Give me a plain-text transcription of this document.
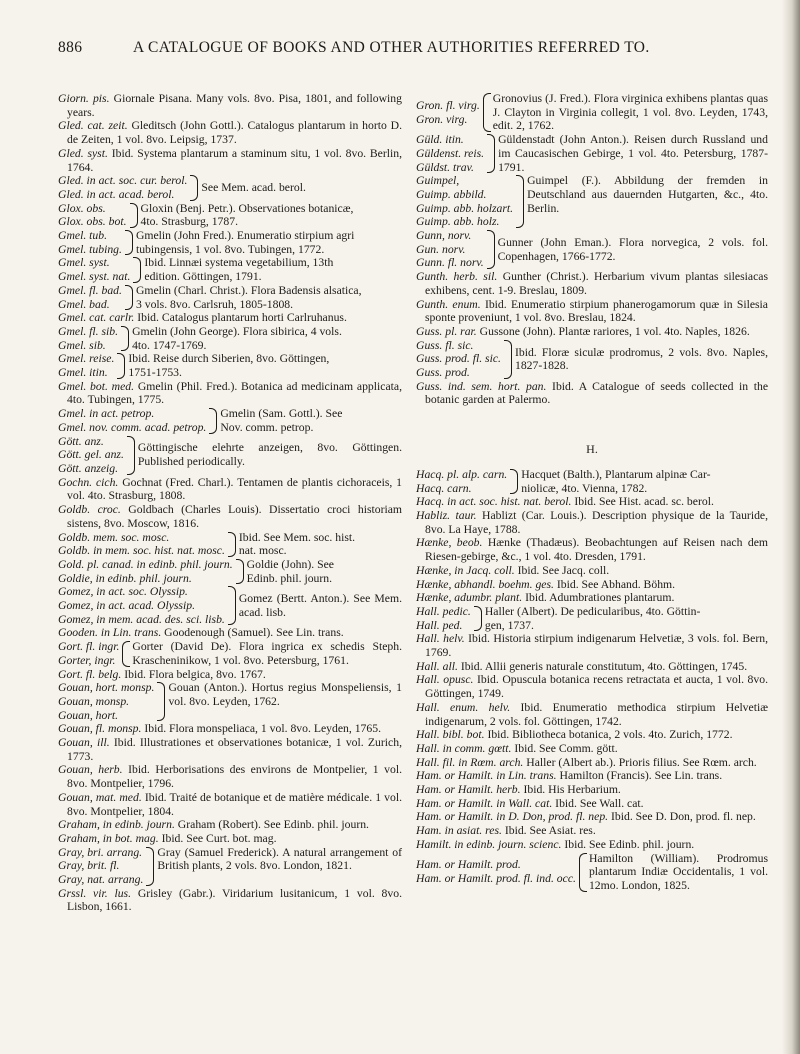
886	A CATALOGUE OF BOOKS AND OTHER AUTHORITIES REFERRED TO.

Giorn. pis. Giornale Pisana. Many vols. 8vo. Pisa, 1801, and following years.

Gled. cat. zeit. Gleditsch (John Gottl.). Catalogus plantarum in horto D. de Zeiten, 1 vol. 8vo. Leipsig, 1737.

Gled. syst. Ibid. Systema plantarum a staminum situ, 1 vol. 8vo. Berlin, 1764.

Gled. in act. soc. cur. berol.
Gled. in act. acad. berol.
See Mem. acad. berol.
Glox. obs.
Glox. obs. bot.
Gloxin (Benj. Petr.). Observationes botanicæ,
4to. Strasburg, 1787.
Gmel. tub.
Gmel. tubing.
Gmelin (John Fred.). Enumeratio stirpium agri
tubingensis, 1 vol. 8vo. Tubingen, 1772.
Gmel. syst.
Gmel. syst. nat.
Ibid. Linnæi systema vegetabilium, 13th
edition. Göttingen, 1791.
Gmel. fl. bad.
Gmel. bad.
Gmelin (Charl. Christ.). Flora Badensis alsatica,
3 vols. 8vo. Carlsruh, 1805-1808.

Gmel. cat. carlr. Ibid. Catalogus plantarum horti Carlruhanus.

Gmel. fl. sib.
Gmel. sib.
Gmelin (John George). Flora sibirica, 4 vols.
4to. 1747-1769.
Gmel. reise.
Gmel. itin.
Ibid. Reise durch Siberien, 8vo. Göttingen,
1751-1753.

Gmel. bot. med. Gmelin (Phil. Fred.). Botanica ad medicinam applicata, 4to. Tubingen, 1775.

Gmel. in act. petrop.
Gmel. nov. comm. acad. petrop.
Gmelin (Sam. Gottl.). See
Nov. comm. petrop.
Gött. anz.
Gött. gel. anz.
Gött. anzeig.
Göttingische elehrte anzeigen, 8vo. Göttingen. Published periodically.

Gochn. cich. Gochnat (Fred. Charl.). Tentamen de plantis cichoraceis, 1 vol. 4to. Strasburg, 1808.

Goldb. croc. Goldbach (Charles Louis). Dissertatio croci historiam sistens, 8vo. Moscow, 1816.

Goldb. mem. soc. mosc.
Goldb. in mem. soc. hist. nat. mosc.
Ibid. See Mem. soc. hist.
nat. mosc.
Gold. pl. canad. in edinb. phil. journ.
Goldie, in edinb. phil. journ.
Goldie (John). See
Edinb. phil. journ.
Gomez, in act. soc. Olyssip.
Gomez, in act. acad. Olyssip.
Gomez, in mem. acad. des. sci. lisb.
Gomez (Bertt. Anton.). See Mem. acad. lisb.

Gooden. in Lin. trans. Goodenough (Samuel). See Lin. trans.

Gort. fl. ingr.
Gorter, ingr.
Gorter (David De). Flora ingrica ex schedis Steph. Krascheninikow, 1 vol. 8vo. Petersburg, 1761.

Gort. fl. belg. Ibid. Flora belgica, 8vo. 1767.

Gouan, hort. monsp.
Gouan, monsp.
Gouan, hort.
Gouan (Anton.). Hortus regius Monspeliensis, 1 vol. 8vo. Leyden, 1762.

Gouan, fl. monsp. Ibid. Flora monspeliaca, 1 vol. 8vo. Leyden, 1765.

Gouan, ill. Ibid. Illustrationes et observationes botanicæ, 1 vol. Zurich, 1773.

Gouan, herb. Ibid. Herborisations des environs de Montpelier, 1 vol. 8vo. Montpelier, 1796.

Gouan, mat. med. Ibid. Traité de botanique et de matière médicale. 1 vol. 8vo. Montpelier, 1804.

Graham, in edinb. journ. Graham (Robert). See Edinb. phil. journ.

Graham, in bot. mag. Ibid. See Curt. bot. mag.

Gray, bri. arrang.
Gray, brit. fl.
Gray, nat. arrang.
Gray (Samuel Frederick). A natural arrangement of British plants, 2 vols. 8vo. London, 1821.

Grssl. vir. lus. Grisley (Gabr.). Viridarium lusitanicum, 1 vol. 8vo. Lisbon, 1661.

Gron. fl. virg.
Gron. virg.
Gronovius (J. Fred.). Flora virginica exhibens plantas quas J. Clayton in Virginia collegit, 1 vol. 8vo. Leyden, 1743, edit. 2, 1762.
Güld. itin.
Güldenst. reis.
Güldst. trav.
Güldenstadt (John Anton.). Reisen durch Russland und im Caucasischen Gebirge, 1 vol. 4to. Petersburg, 1787-1791.
Guimpel,
Guimp. abbild.
Guimp. abb. holzart.
Guimp. abb. holz.
Guimpel (F.). Abbildung der fremden in Deutschland aus dauernden Hutgarten, &c., 4to. Berlin.
Gunn, norv.
Gun. norv.
Gunn. fl. norv.
Gunner (John Eman.). Flora norvegica, 2 vols. fol. Copenhagen, 1766-1772.

Gunth. herb. sil. Gunther (Christ.). Herbarium vivum plantas silesiacas exhibens, cent. 1-9. Breslau, 1809.

Gunth. enum. Ibid. Enumeratio stirpium phanerogamorum quæ in Silesia sponte proveniunt, 1 vol. 8vo. Breslau, 1824.

Guss. pl. rar. Gussone (John). Plantæ rariores, 1 vol. 4to. Naples, 1826.

Guss. fl. sic.
Guss. prod. fl. sic.
Guss. prod.
Ibid. Floræ siculæ prodromus, 2 vols. 8vo. Naples, 1827-1828.

Guss. ind. sem. hort. pan. Ibid. A Catalogue of seeds collected in the botanic garden at Palermo.

H.
Hacq. pl. alp. carn.
Hacq. carn.
Hacquet (Balth.), Plantarum alpinæ Car-
niolicæ, 4to. Vienna, 1782.

Hacq. in act. soc. hist. nat. berol. Ibid. See Hist. acad. sc. berol.

Habliz. taur. Hablizt (Car. Louis.). Description physique de la Tauride, 8vo. La Haye, 1788.

Hænke, beob. Hænke (Thadæus). Beobachtungen auf Reisen nach dem Riesen-gebirge, &c., 1 vol. 4to. Dresden, 1791.

Hænke, in Jacq. coll. Ibid. See Jacq. coll.

Hænke, abhandl. boehm. ges. Ibid. See Abhand. Böhm.

Hænke, adumbr. plant. Ibid. Adumbrationes plantarum.

Hall. pedic.
Hall. ped.
Haller (Albert). De pedicularibus, 4to. Göttin-
gen, 1737.

Hall. helv. Ibid. Historia stirpium indigenarum Helvetiæ, 3 vols. fol. Bern, 1769.

Hall. all. Ibid. Allii generis naturale constitutum, 4to. Göttingen, 1745.

Hall. opusc. Ibid. Opuscula botanica recens retractata et aucta, 1 vol. 8vo. Göttingen, 1749.

Hall. enum. helv. Ibid. Enumeratio methodica stirpium Helvetiæ indigenarum, 2 vols. fol. Göttingen, 1742.

Hall. bibl. bot. Ibid. Bibliotheca botanica, 2 vols. 4to. Zurich, 1772.

Hall. in comm. gœtt. Ibid. See Comm. gött.

Hall. fil. in Rœm. arch. Haller (Albert ab.). Prioris filius. See Rœm. arch.

Ham. or Hamilt. in Lin. trans. Hamilton (Francis). See Lin. trans.

Ham. or Hamilt. herb. Ibid. His Herbarium.

Ham. or Hamilt. in Wall. cat. Ibid. See Wall. cat.

Ham. or Hamilt. in D. Don, prod. fl. nep. Ibid. See D. Don, prod. fl. nep.

Ham. in asiat. res. Ibid. See Asiat. res.

Hamilt. in edinb. journ. scienc. Ibid. See Edinb. phil. journ.

Ham. or Hamilt. prod.
Ham. or Hamilt. prod. fl. ind. occ.
Hamilton (William). Prodromus plantarum Indiæ Occidentalis, 1 vol. 12mo. London, 1825.
